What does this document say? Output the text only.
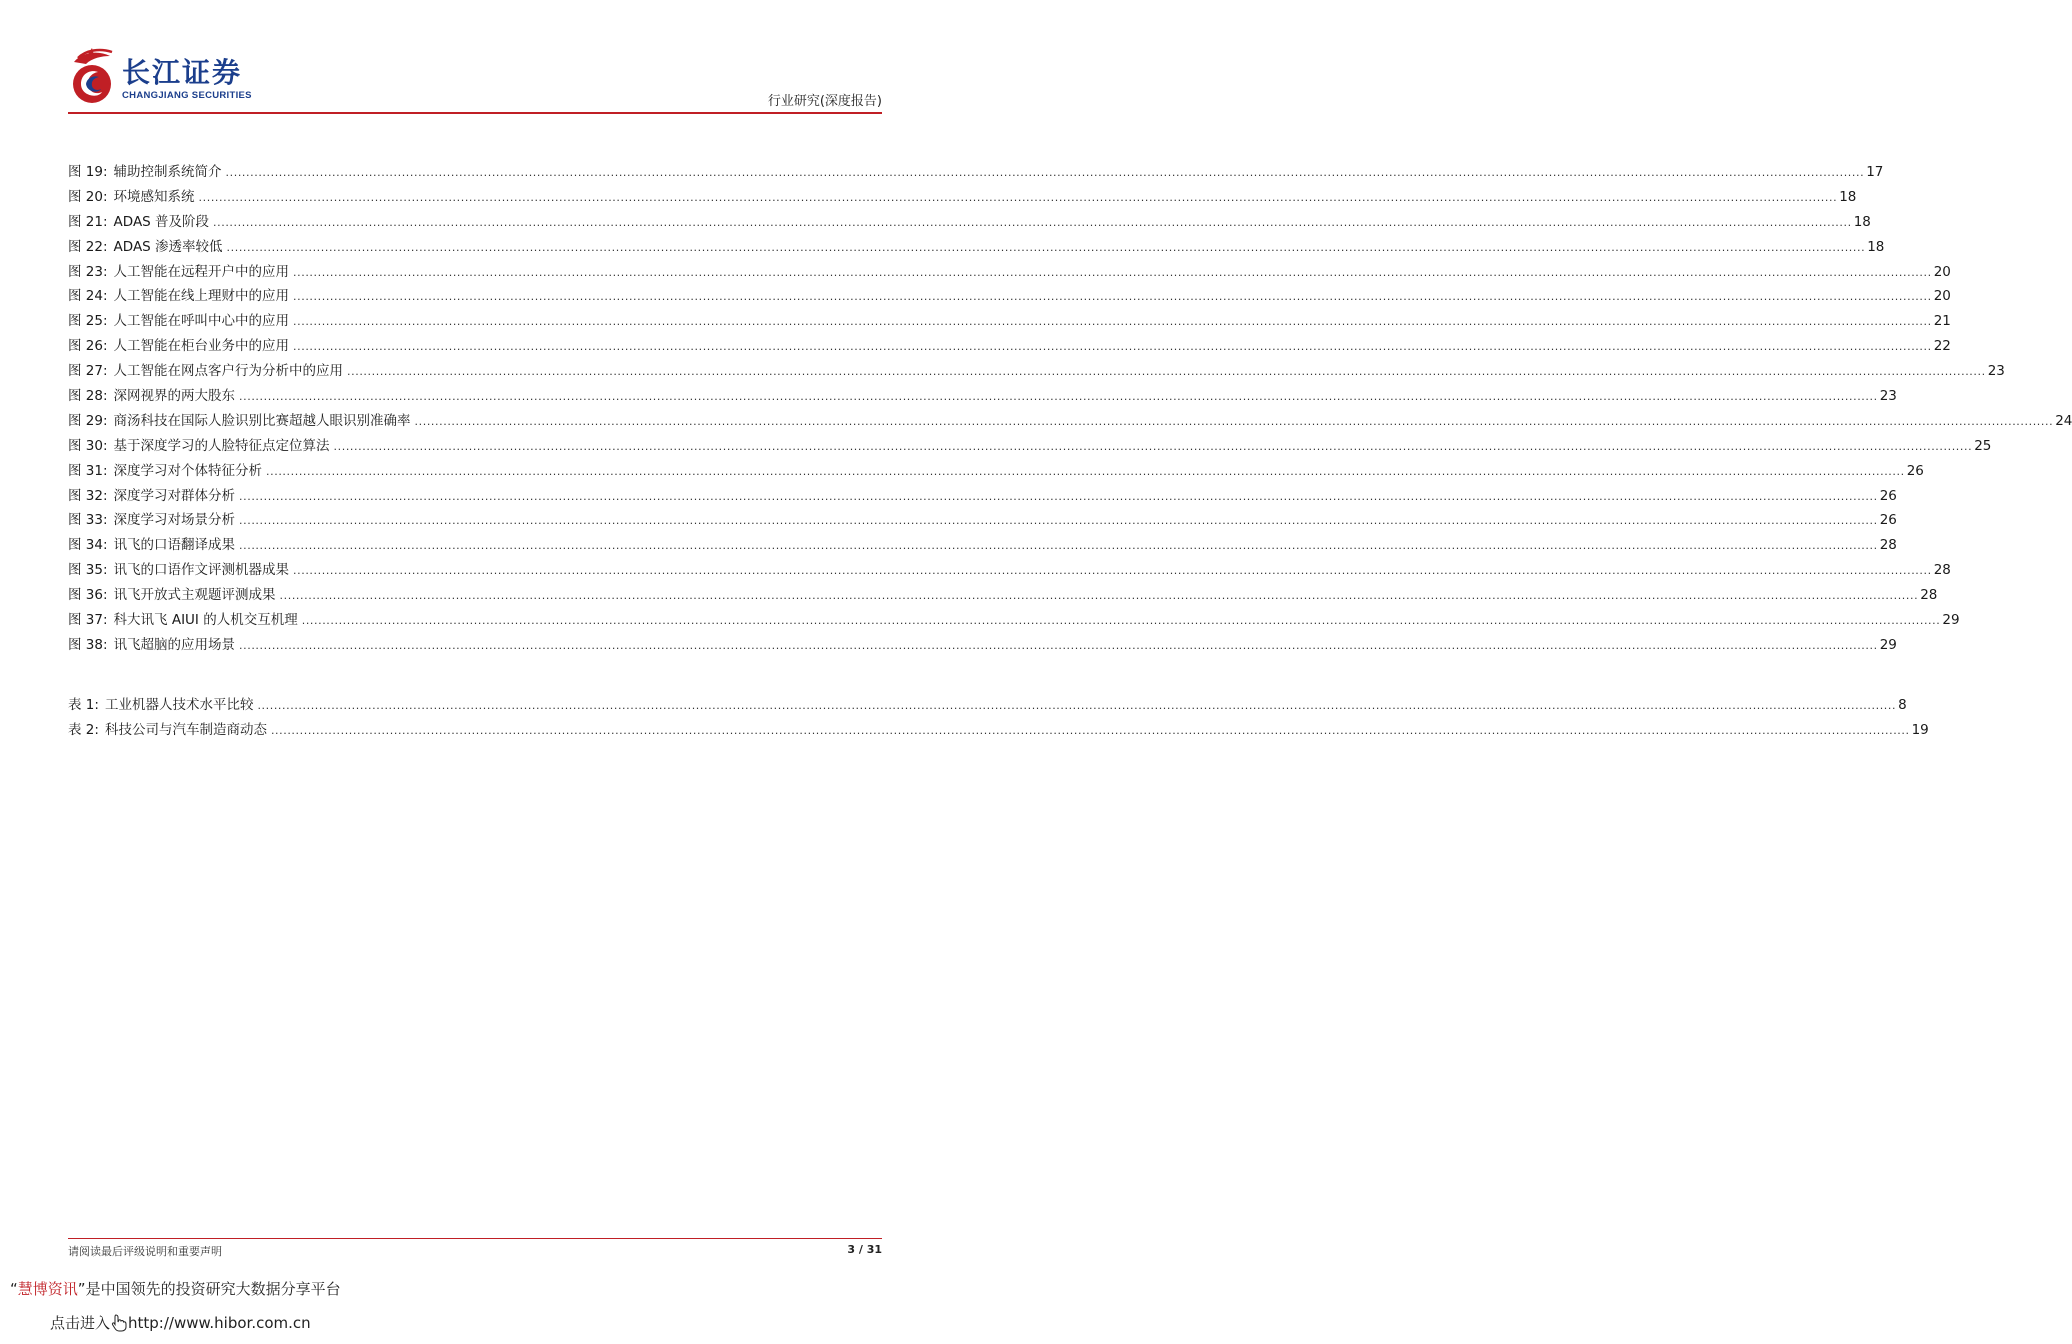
长江证券
CHANGJIANG SECURITIES	行业研究(深度报告)
图 19: 辅助控制系统简介 ................................................................................................................................................................................................................................................................................................................................................................................................................ 17
图 20: 环境感知系统 ................................................................................................................................................................................................................................................................................................................................................................................................................ 18
图 21: ADAS 普及阶段 ................................................................................................................................................................................................................................................................................................................................................................................................................ 18
图 22: ADAS 渗透率较低 ................................................................................................................................................................................................................................................................................................................................................................................................................ 18
图 23: 人工智能在远程开户中的应用 ................................................................................................................................................................................................................................................................................................................................................................................................................ 20
图 24: 人工智能在线上理财中的应用 ................................................................................................................................................................................................................................................................................................................................................................................................................ 20
图 25: 人工智能在呼叫中心中的应用 ................................................................................................................................................................................................................................................................................................................................................................................................................ 21
图 26: 人工智能在柜台业务中的应用 ................................................................................................................................................................................................................................................................................................................................................................................................................ 22
图 27: 人工智能在网点客户行为分析中的应用 ................................................................................................................................................................................................................................................................................................................................................................................................................ 23
图 28: 深网视界的两大股东 ................................................................................................................................................................................................................................................................................................................................................................................................................ 23
图 29: 商汤科技在国际人脸识别比赛超越人眼识别准确率 ................................................................................................................................................................................................................................................................................................................................................................................................................ 24
图 30: 基于深度学习的人脸特征点定位算法 ................................................................................................................................................................................................................................................................................................................................................................................................................ 25
图 31: 深度学习对个体特征分析 ................................................................................................................................................................................................................................................................................................................................................................................................................ 26
图 32: 深度学习对群体分析 ................................................................................................................................................................................................................................................................................................................................................................................................................ 26
图 33: 深度学习对场景分析 ................................................................................................................................................................................................................................................................................................................................................................................................................ 26
图 34: 讯飞的口语翻译成果 ................................................................................................................................................................................................................................................................................................................................................................................................................ 28
图 35: 讯飞的口语作文评测机器成果 ................................................................................................................................................................................................................................................................................................................................................................................................................ 28
图 36: 讯飞开放式主观题评测成果 ................................................................................................................................................................................................................................................................................................................................................................................................................ 28
图 37: 科大讯飞 AIUI 的人机交互机理 ................................................................................................................................................................................................................................................................................................................................................................................................................ 29
图 38: 讯飞超脑的应用场景 ................................................................................................................................................................................................................................................................................................................................................................................................................ 29
表 1: 工业机器人技术水平比较 ................................................................................................................................................................................................................................................................................................................................................................................................................ 8
表 2: 科技公司与汽车制造商动态 ................................................................................................................................................................................................................................................................................................................................................................................................................ 19
请阅读最后评级说明和重要声明	3 / 31
“慧博资讯”是中国领先的投资研究大数据分享平台
点击进入 http://www.hibor.com.cn
